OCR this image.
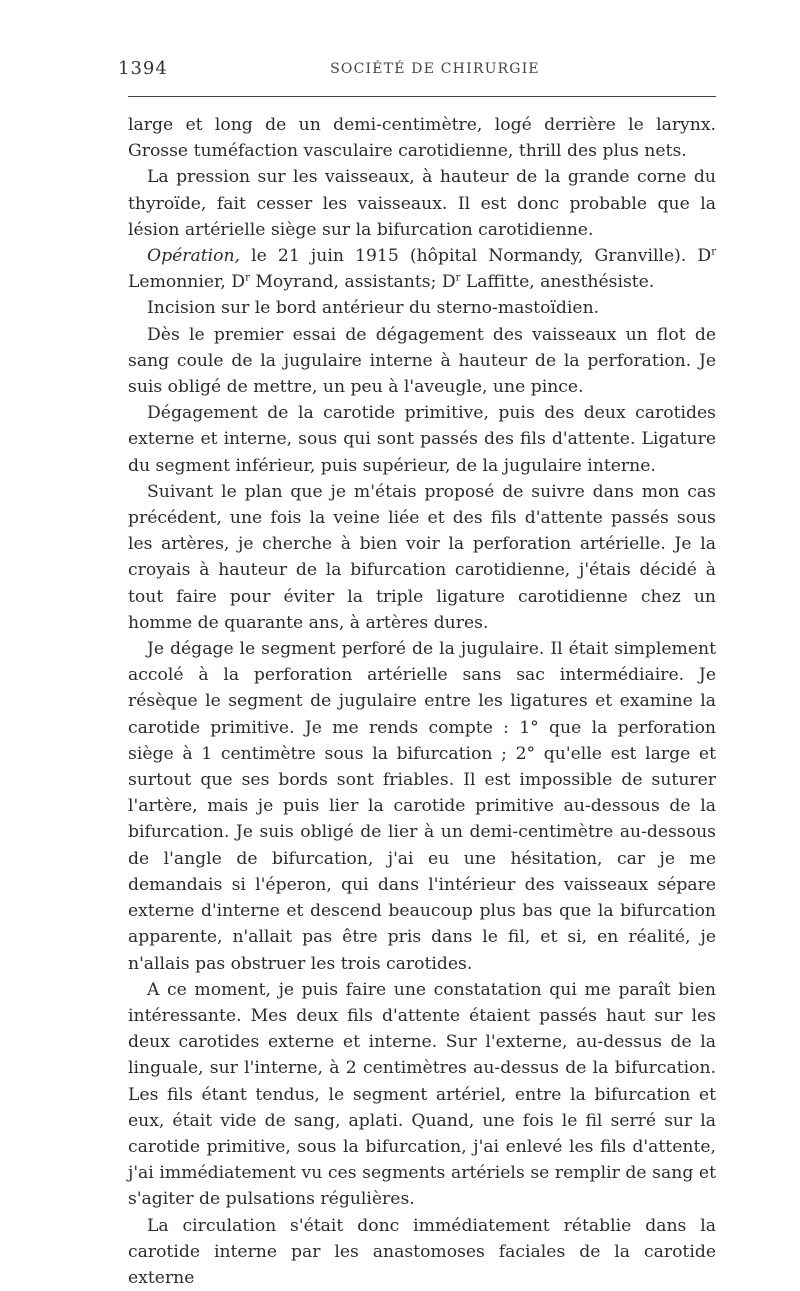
1394	SOCIÉTÉ DE CHIRURGIE

large et long de un demi-centimètre, logé derrière le larynx. Grosse tuméfaction vasculaire carotidienne, thrill des plus nets.

La pression sur les vaisseaux, à hauteur de la grande corne du thyroïde, fait cesser les vaisseaux. Il est donc probable que la lésion artérielle siège sur la bifurcation carotidienne.

Opération, le 21 juin 1915 (hôpital Normandy, Granville). $D^r$ Lemonnier, $D^r$ Moyrand, assistants; $D^r$ Laffitte, anesthésiste.

Incision sur le bord antérieur du sterno-mastoïdien.

Dès le premier essai de dégagement des vaisseaux un flot de sang coule de la jugulaire interne à hauteur de la perforation. Je suis obligé de mettre, un peu à l'aveugle, une pince.

Dégagement de la carotide primitive, puis des deux carotides externe et interne, sous qui sont passés des fils d'attente. Ligature du segment inférieur, puis supérieur, de la jugulaire interne.

Suivant le plan que je m'étais proposé de suivre dans mon cas précédent, une fois la veine liée et des fils d'attente passés sous les artères, je cherche à bien voir la perforation artérielle. Je la croyais à hauteur de la bifurcation carotidienne, j'étais décidé à tout faire pour éviter la triple ligature carotidienne chez un homme de quarante ans, à artères dures.

Je dégage le segment perforé de la jugulaire. Il était simplement accolé à la perforation artérielle sans sac intermédiaire. Je résèque le segment de jugulaire entre les ligatures et examine la carotide primitive. Je me rends compte : 1° que la perforation siège à 1 centimètre sous la bifurcation ; 2° qu'elle est large et surtout que ses bords sont friables. Il est impossible de suturer l'artère, mais je puis lier la carotide primitive au-dessous de la bifurcation. Je suis obligé de lier à un demi-centimètre au-dessous de l'angle de bifurcation, j'ai eu une hésitation, car je me demandais si l'éperon, qui dans l'intérieur des vaisseaux sépare externe d'interne et descend beaucoup plus bas que la bifurcation apparente, n'allait pas être pris dans le fil, et si, en réalité, je n'allais pas obstruer les trois carotides.

A ce moment, je puis faire une constatation qui me paraît bien intéressante. Mes deux fils d'attente étaient passés haut sur les deux carotides externe et interne. Sur l'externe, au-dessus de la linguale, sur l'interne, à 2 centimètres au-dessus de la bifurcation. Les fils étant tendus, le segment artériel, entre la bifurcation et eux, était vide de sang, aplati. Quand, une fois le fil serré sur la carotide primitive, sous la bifurcation, j'ai enlevé les fils d'attente, j'ai immédiatement vu ces segments artériels se remplir de sang et s'agiter de pulsations régulières.

La circulation s'était donc immédiatement rétablie dans la carotide interne par les anastomoses faciales de la carotide externe
